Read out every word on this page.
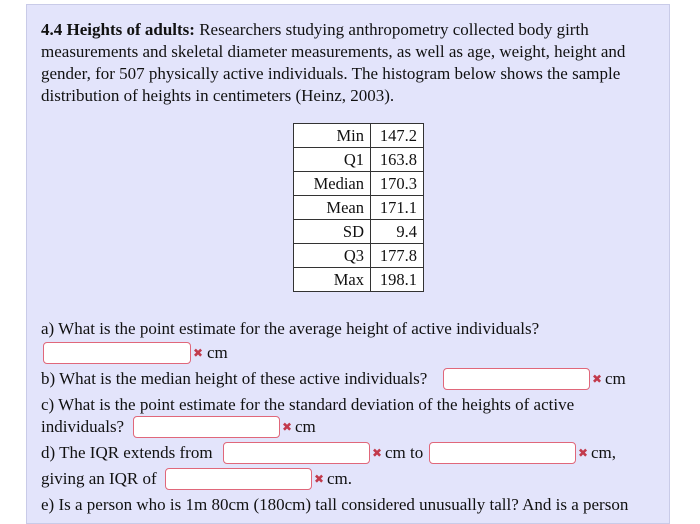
4.4 Heights of adults: Researchers studying anthropometry collected body girth measurements and skeletal diameter measurements, as well as age, weight, height and gender, for 507 physically active individuals. The histogram below shows the sample distribution of heights in centimeters (Heinz, 2003).
Min	147.2
Q1	163.8
Median	170.3
Mean	171.1
SD	9.4
Q3	177.8
Max	198.1
a) What is the point estimate for the average height of active individuals?
✖ cm
b) What is the median height of these active individuals?	✖ cm
c) What is the point estimate for the standard deviation of the heights of active
individuals?	✖ cm
d) The IQR extends from	✖ cm to	✖ cm,
giving an IQR of	✖ cm.
e) Is a person who is 1m 80cm (180cm) tall considered unusually tall? And is a person
